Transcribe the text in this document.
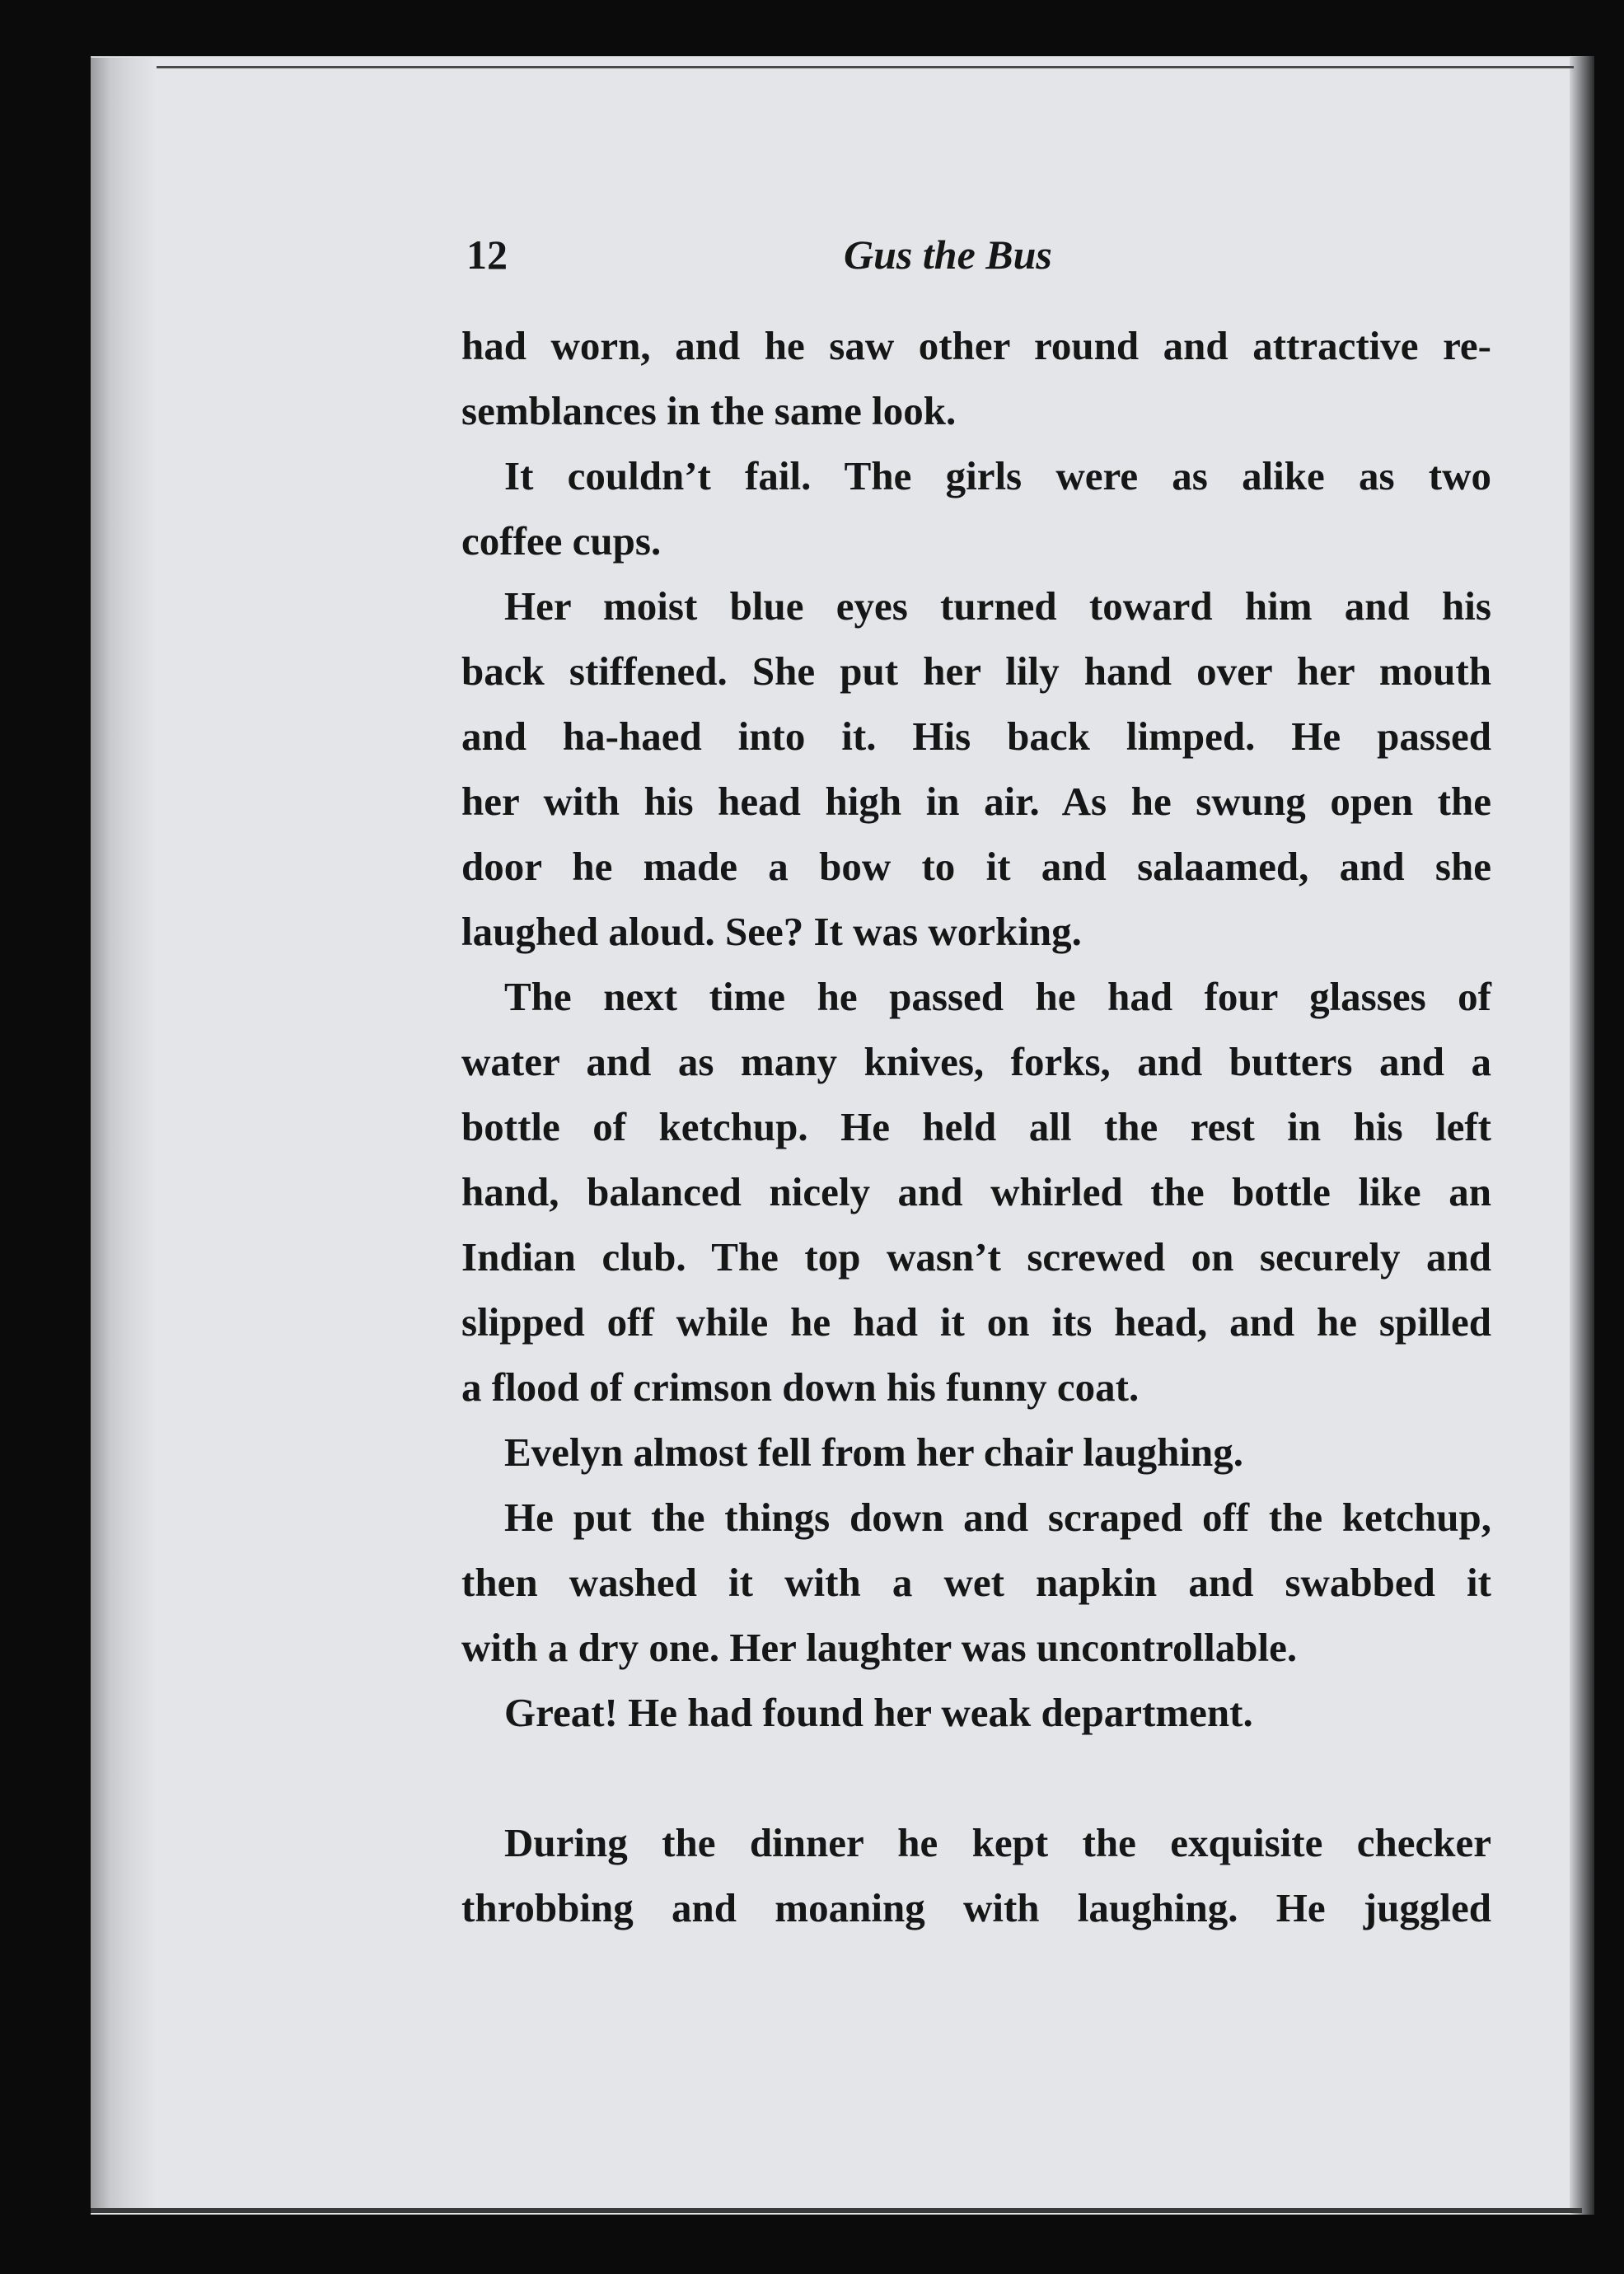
12	Gus the Bus
had worn, and he saw other round and attractive re-
semblances in the same look.
It couldn’t fail. The girls were as alike as two
coffee cups.
Her moist blue eyes turned toward him and his
back stiffened. She put her lily hand over her mouth
and ha-haed into it. His back limped. He passed
her with his head high in air. As he swung open the
door he made a bow to it and salaamed, and she
laughed aloud. See? It was working.
The next time he passed he had four glasses of
water and as many knives, forks, and butters and a
bottle of ketchup. He held all the rest in his left
hand, balanced nicely and whirled the bottle like an
Indian club. The top wasn’t screwed on securely and
slipped off while he had it on its head, and he spilled
a flood of crimson down his funny coat.
Evelyn almost fell from her chair laughing.
He put the things down and scraped off the ketchup,
then washed it with a wet napkin and swabbed it
with a dry one. Her laughter was uncontrollable.
Great! He had found her weak department.
During the dinner he kept the exquisite checker
throbbing and moaning with laughing. He juggled
